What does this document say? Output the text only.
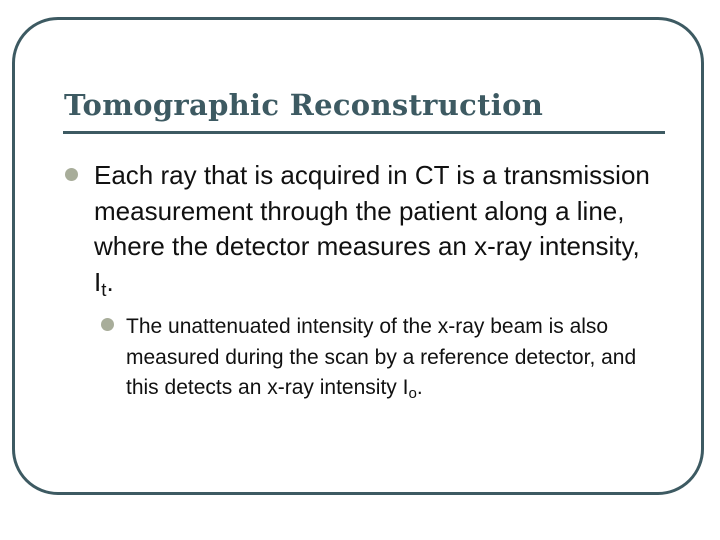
Tomographic Reconstruction
Each ray that is acquired in CT is a transmission measurement through the patient along a line, where the detector measures an x-ray intensity, $I_t$.
The unattenuated intensity of the x-ray beam is also measured during the scan by a reference detector, and this detects an x-ray intensity $I_o$.
